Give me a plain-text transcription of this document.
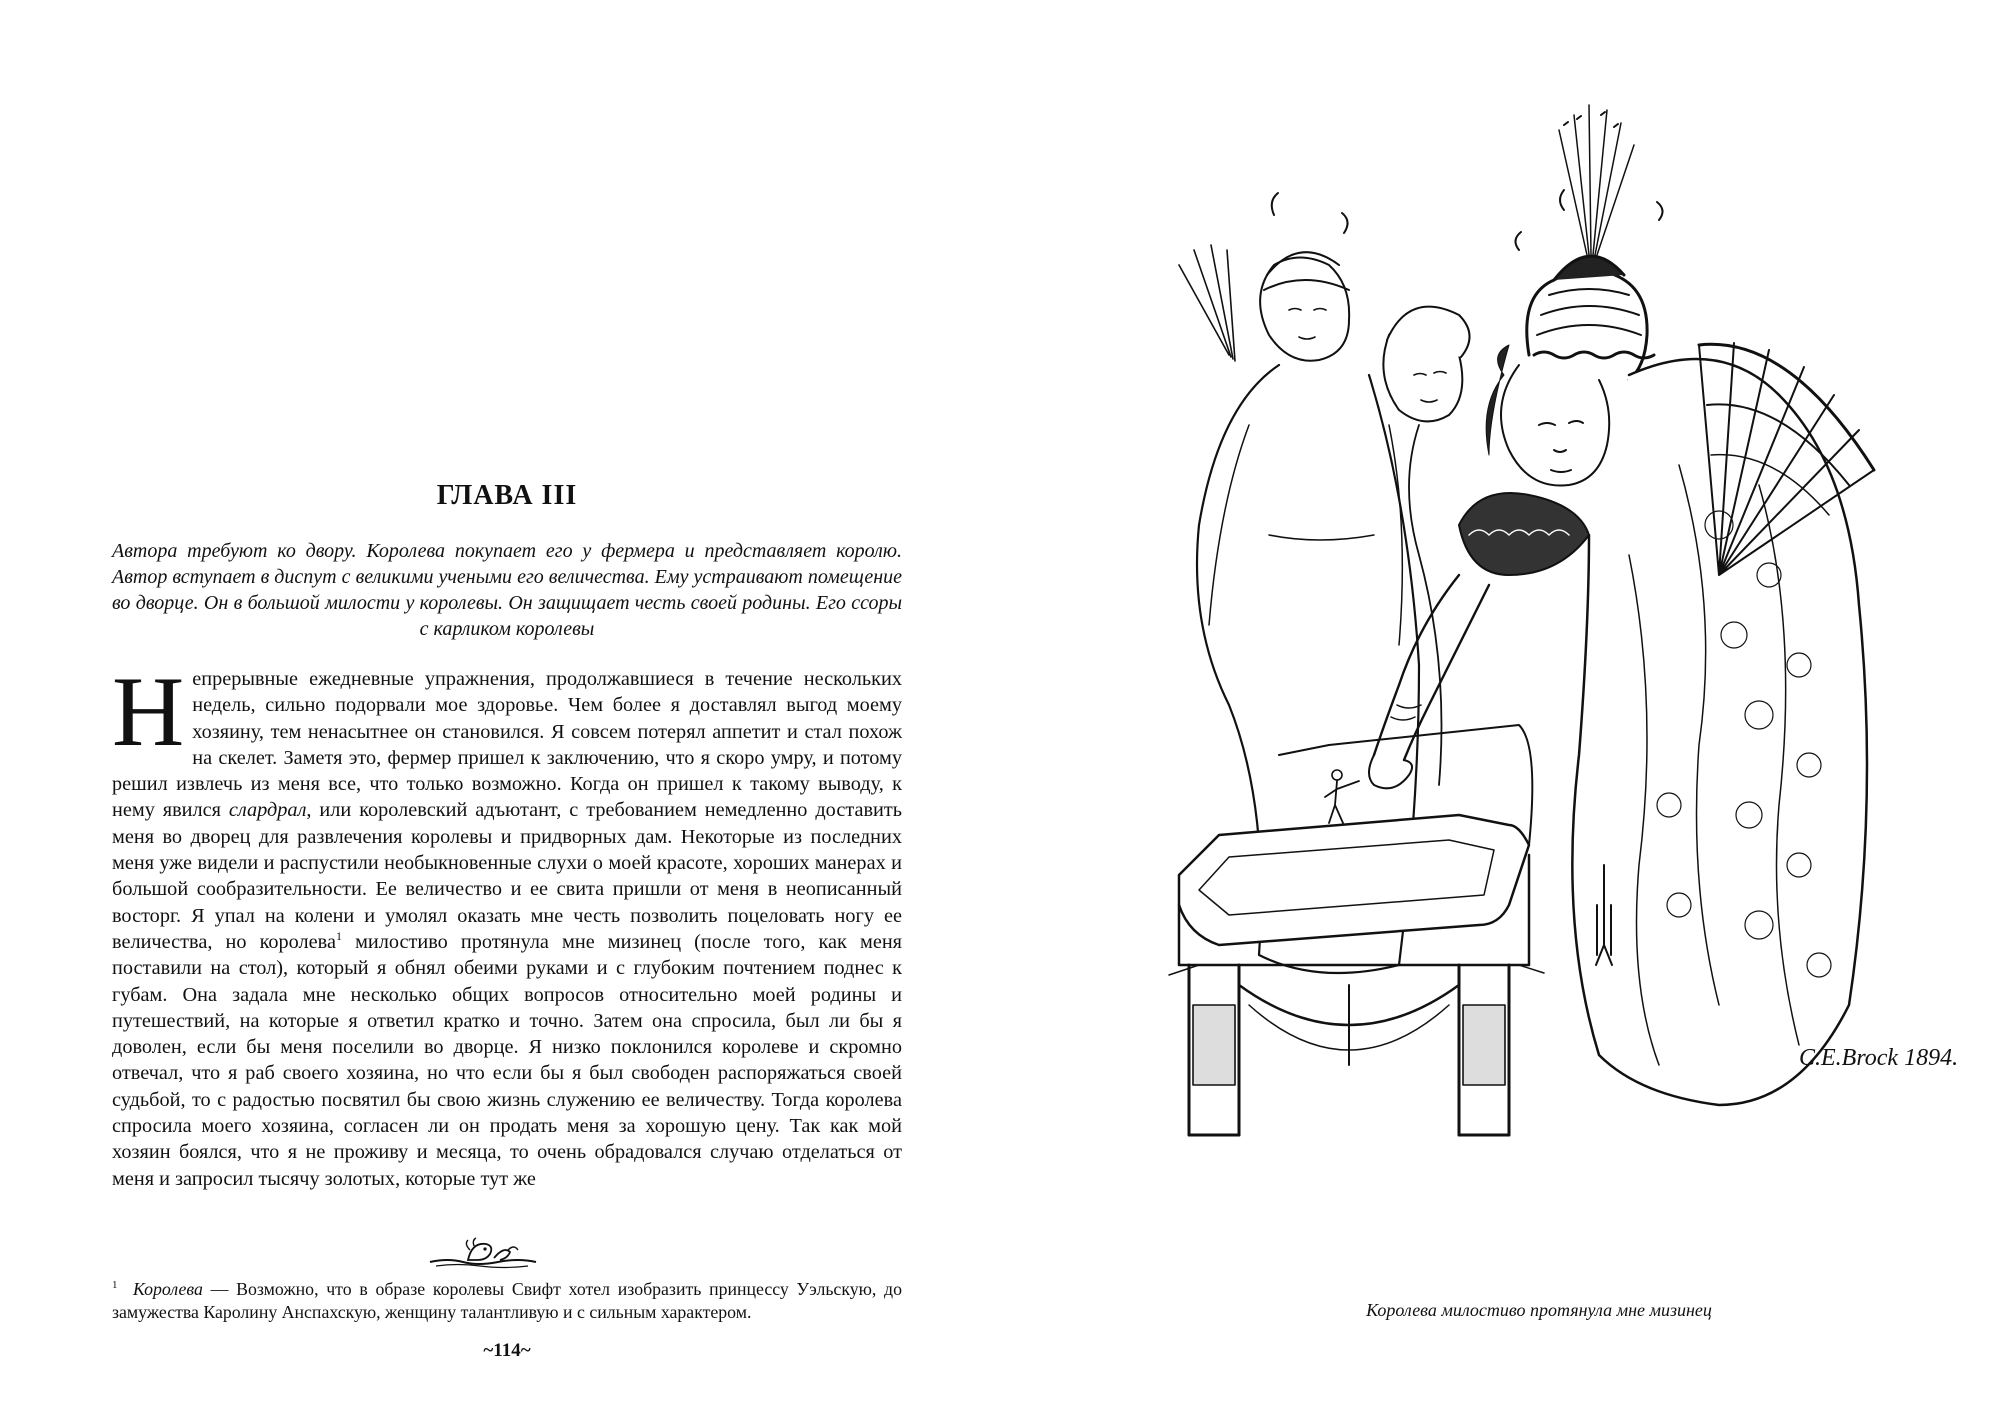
ГЛАВА III
Автора требуют ко двору. Королева покупает его у фермера и представляет королю. Автор вступает в диспут с великими учеными его величества. Ему устраивают помещение во дворце. Он в большой милости у королевы. Он защищает честь своей родины. Его ссоры с карликом королевы
Непрерывные ежедневные упражнения, продолжавшиеся в течение нескольких недель, сильно подорвали мое здоровье. Чем более я доставлял выгод моему хозяину, тем ненасытнее он становился. Я совсем потерял аппетит и стал похож на скелет. Заметя это, фермер пришел к заключению, что я скоро умру, и потому решил извлечь из меня все, что только возможно. Когда он пришел к такому выводу, к нему явился слардрал, или королевский адъютант, с требованием немедленно доставить меня во дворец для развлечения королевы и придворных дам. Некоторые из последних меня уже видели и распустили необыкновенные слухи о моей красоте, хороших манерах и большой сообразительности. Ее величество и ее свита пришли от меня в неописанный восторг. Я упал на колени и умолял оказать мне честь позволить поцеловать ногу ее величества, но королева$^1$ милостиво протянула мне мизинец (после того, как меня поставили на стол), который я обнял обеими руками и с глубоким почтением поднес к губам. Она задала мне несколько общих вопросов относительно моей родины и путешествий, на которые я ответил кратко и точно. Затем она спросила, был ли бы я доволен, если бы меня поселили во дворце. Я низко поклонился королеве и скромно отвечал, что я раб своего хозяина, но что если бы я был свободен распоряжаться своей судьбой, то с радостью посвятил бы свою жизнь служению ее величеству. Тогда королева спросила моего хозяина, согласен ли он продать меня за хорошую цену. Так как мой хозяин боялся, что я не проживу и месяца, то очень обрадовался случаю отделаться от меня и запросил тысячу золотых, которые тут же
$^1$ Королева — Возможно, что в образе королевы Свифт хотел изобразить принцессу Уэльскую, до замужества Каролину Анспахскую, женщину талантливую и с сильным характером.
~114~
C.E.Brock 1894.
Королева милостиво протянула мне мизинец
